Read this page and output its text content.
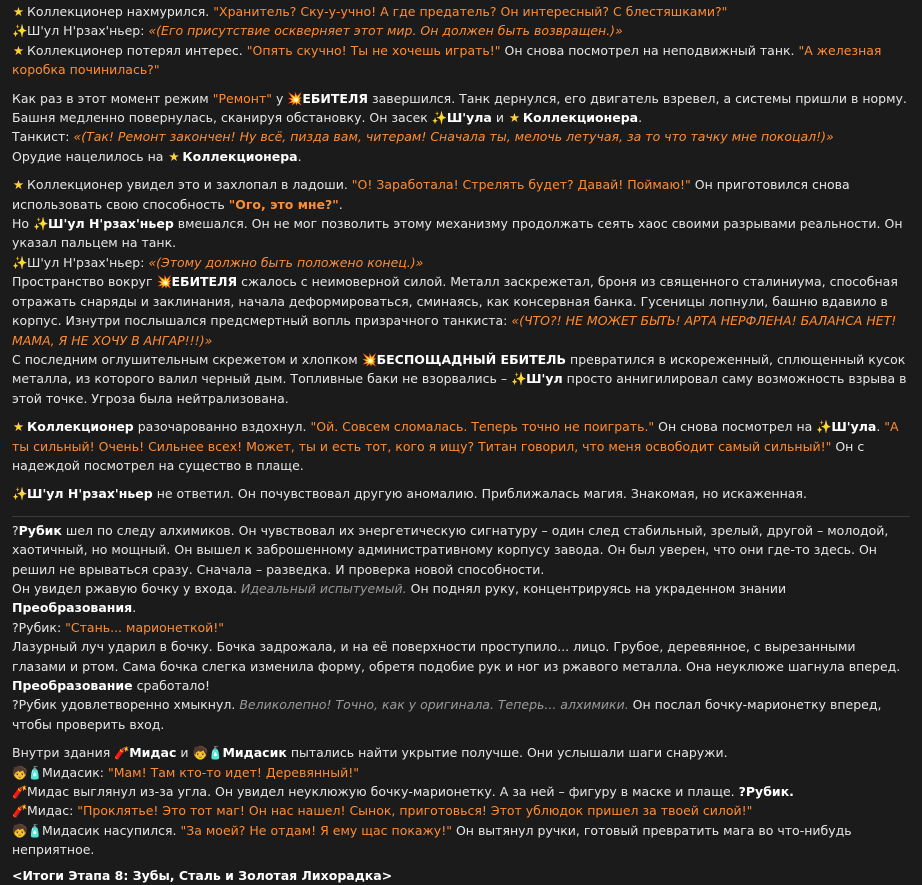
★ Коллекционер нахмурился. "Хранитель? Ску-у-учно! А где предатель? Он интересный? С блестяшками?"

✨Ш'ул Н'рзах'ньер: «(Его присутствие оскверняет этот мир. Он должен быть возвращен.)»

★ Коллекционер потерял интерес. "Опять скучно! Ты не хочешь играть!" Он снова посмотрел на неподвижный танк. "А железная коробка починилась?"

Как раз в этот момент режим "Ремонт" у 💥ЕБИТЕЛЯ завершился. Танк дернулся, его двигатель взревел, а системы пришли в норму. Башня медленно повернулась, сканируя обстановку. Он засек ✨Ш'ула и ★ Коллекционера.

Танкист: «(Так! Ремонт закончен! Ну всё, пизда вам, читерам! Сначала ты, мелочь летучая, за то что тачку мне покоцал!)»

Орудие нацелилось на ★ Коллекционера.

★ Коллекционер увидел это и захлопал в ладоши. "О! Заработала! Стрелять будет? Давай! Поймаю!" Он приготовился снова использовать свою способность "Ого, это мне?".

Но ✨Ш'ул Н'рзах'ньер вмешался. Он не мог позволить этому механизму продолжать сеять хаос своими разрывами реальности. Он указал пальцем на танк.

✨Ш'ул Н'рзах'ньер: «(Этому должно быть положено конец.)»

Пространство вокруг 💥ЕБИТЕЛЯ сжалось с неимоверной силой. Металл заскрежетал, броня из священного сталиниума, способная отражать снаряды и заклинания, начала деформироваться, сминаясь, как консервная банка. Гусеницы лопнули, башню вдавило в корпус. Изнутри послышался предсмертный вопль призрачного танкиста: «(ЧТО?! НЕ МОЖЕТ БЫТЬ! АРТА НЕРФЛЕНА! БАЛАНСА НЕТ! МАМА, Я НЕ ХОЧУ В АНГАР!!!)»

С последним оглушительным скрежетом и хлопком 💥БЕСПОЩАДНЫЙ ЕБИТЕЛЬ превратился в искореженный, сплющенный кусок металла, из которого валил черный дым. Топливные баки не взорвались – ✨Ш'ул просто аннигилировал саму возможность взрыва в этой точке. Угроза была нейтрализована.

★ Коллекционер разочарованно вздохнул. "Ой. Совсем сломалась. Теперь точно не поиграть." Он снова посмотрел на ✨Ш'ула. "А ты сильный! Очень! Сильнее всех! Может, ты и есть тот, кого я ищу? Титан говорил, что меня освободит самый сильный!" Он с надеждой посмотрел на существо в плаще.

✨Ш'ул Н'рзах'ньер не ответил. Он почувствовал другую аномалию. Приближалась магия. Знакомая, но искаженная.

?Рубик шел по следу алхимиков. Он чувствовал их энергетическую сигнатуру – один след стабильный, зрелый, другой – молодой, хаотичный, но мощный. Он вышел к заброшенному административному корпусу завода. Он был уверен, что они где-то здесь. Он решил не врываться сразу. Сначала – разведка. И проверка новой способности.

Он увидел ржавую бочку у входа. Идеальный испытуемый. Он поднял руку, концентрируясь на украденном знании Преобразования.

?Рубик: "Стань... марионеткой!"

Лазурный луч ударил в бочку. Бочка задрожала, и на её поверхности проступило... лицо. Грубое, деревянное, с вырезанными глазами и ртом. Сама бочка слегка изменила форму, обретя подобие рук и ног из ржавого металла. Она неуклюже шагнула вперед. Преобразование сработало!

?Рубик удовлетворенно хмыкнул. Великолепно! Точно, как у оригинала. Теперь... алхимики. Он послал бочку-марионетку вперед, чтобы проверить вход.

Внутри здания 🧨Мидас и 🧒🧴Мидасик пытались найти укрытие получше. Они услышали шаги снаружи.

🧒🧴Мидасик: "Мам! Там кто-то идет! Деревянный!"

🧨Мидас выглянул из-за угла. Он увидел неуклюжую бочку-марионетку. А за ней – фигуру в маске и плаще. ?Рубик.

🧨Мидас: "Проклятье! Это тот маг! Он нас нашел! Сынок, приготовься! Этот ублюдок пришел за твоей силой!"

🧒🧴Мидасик насупился. "За моей? Не отдам! Я ему щас покажу!" Он вытянул ручки, готовый превратить мага во что-нибудь неприятное.

<Итоги Этапа 8: Зубы, Сталь и Золотая Лихорадка>
